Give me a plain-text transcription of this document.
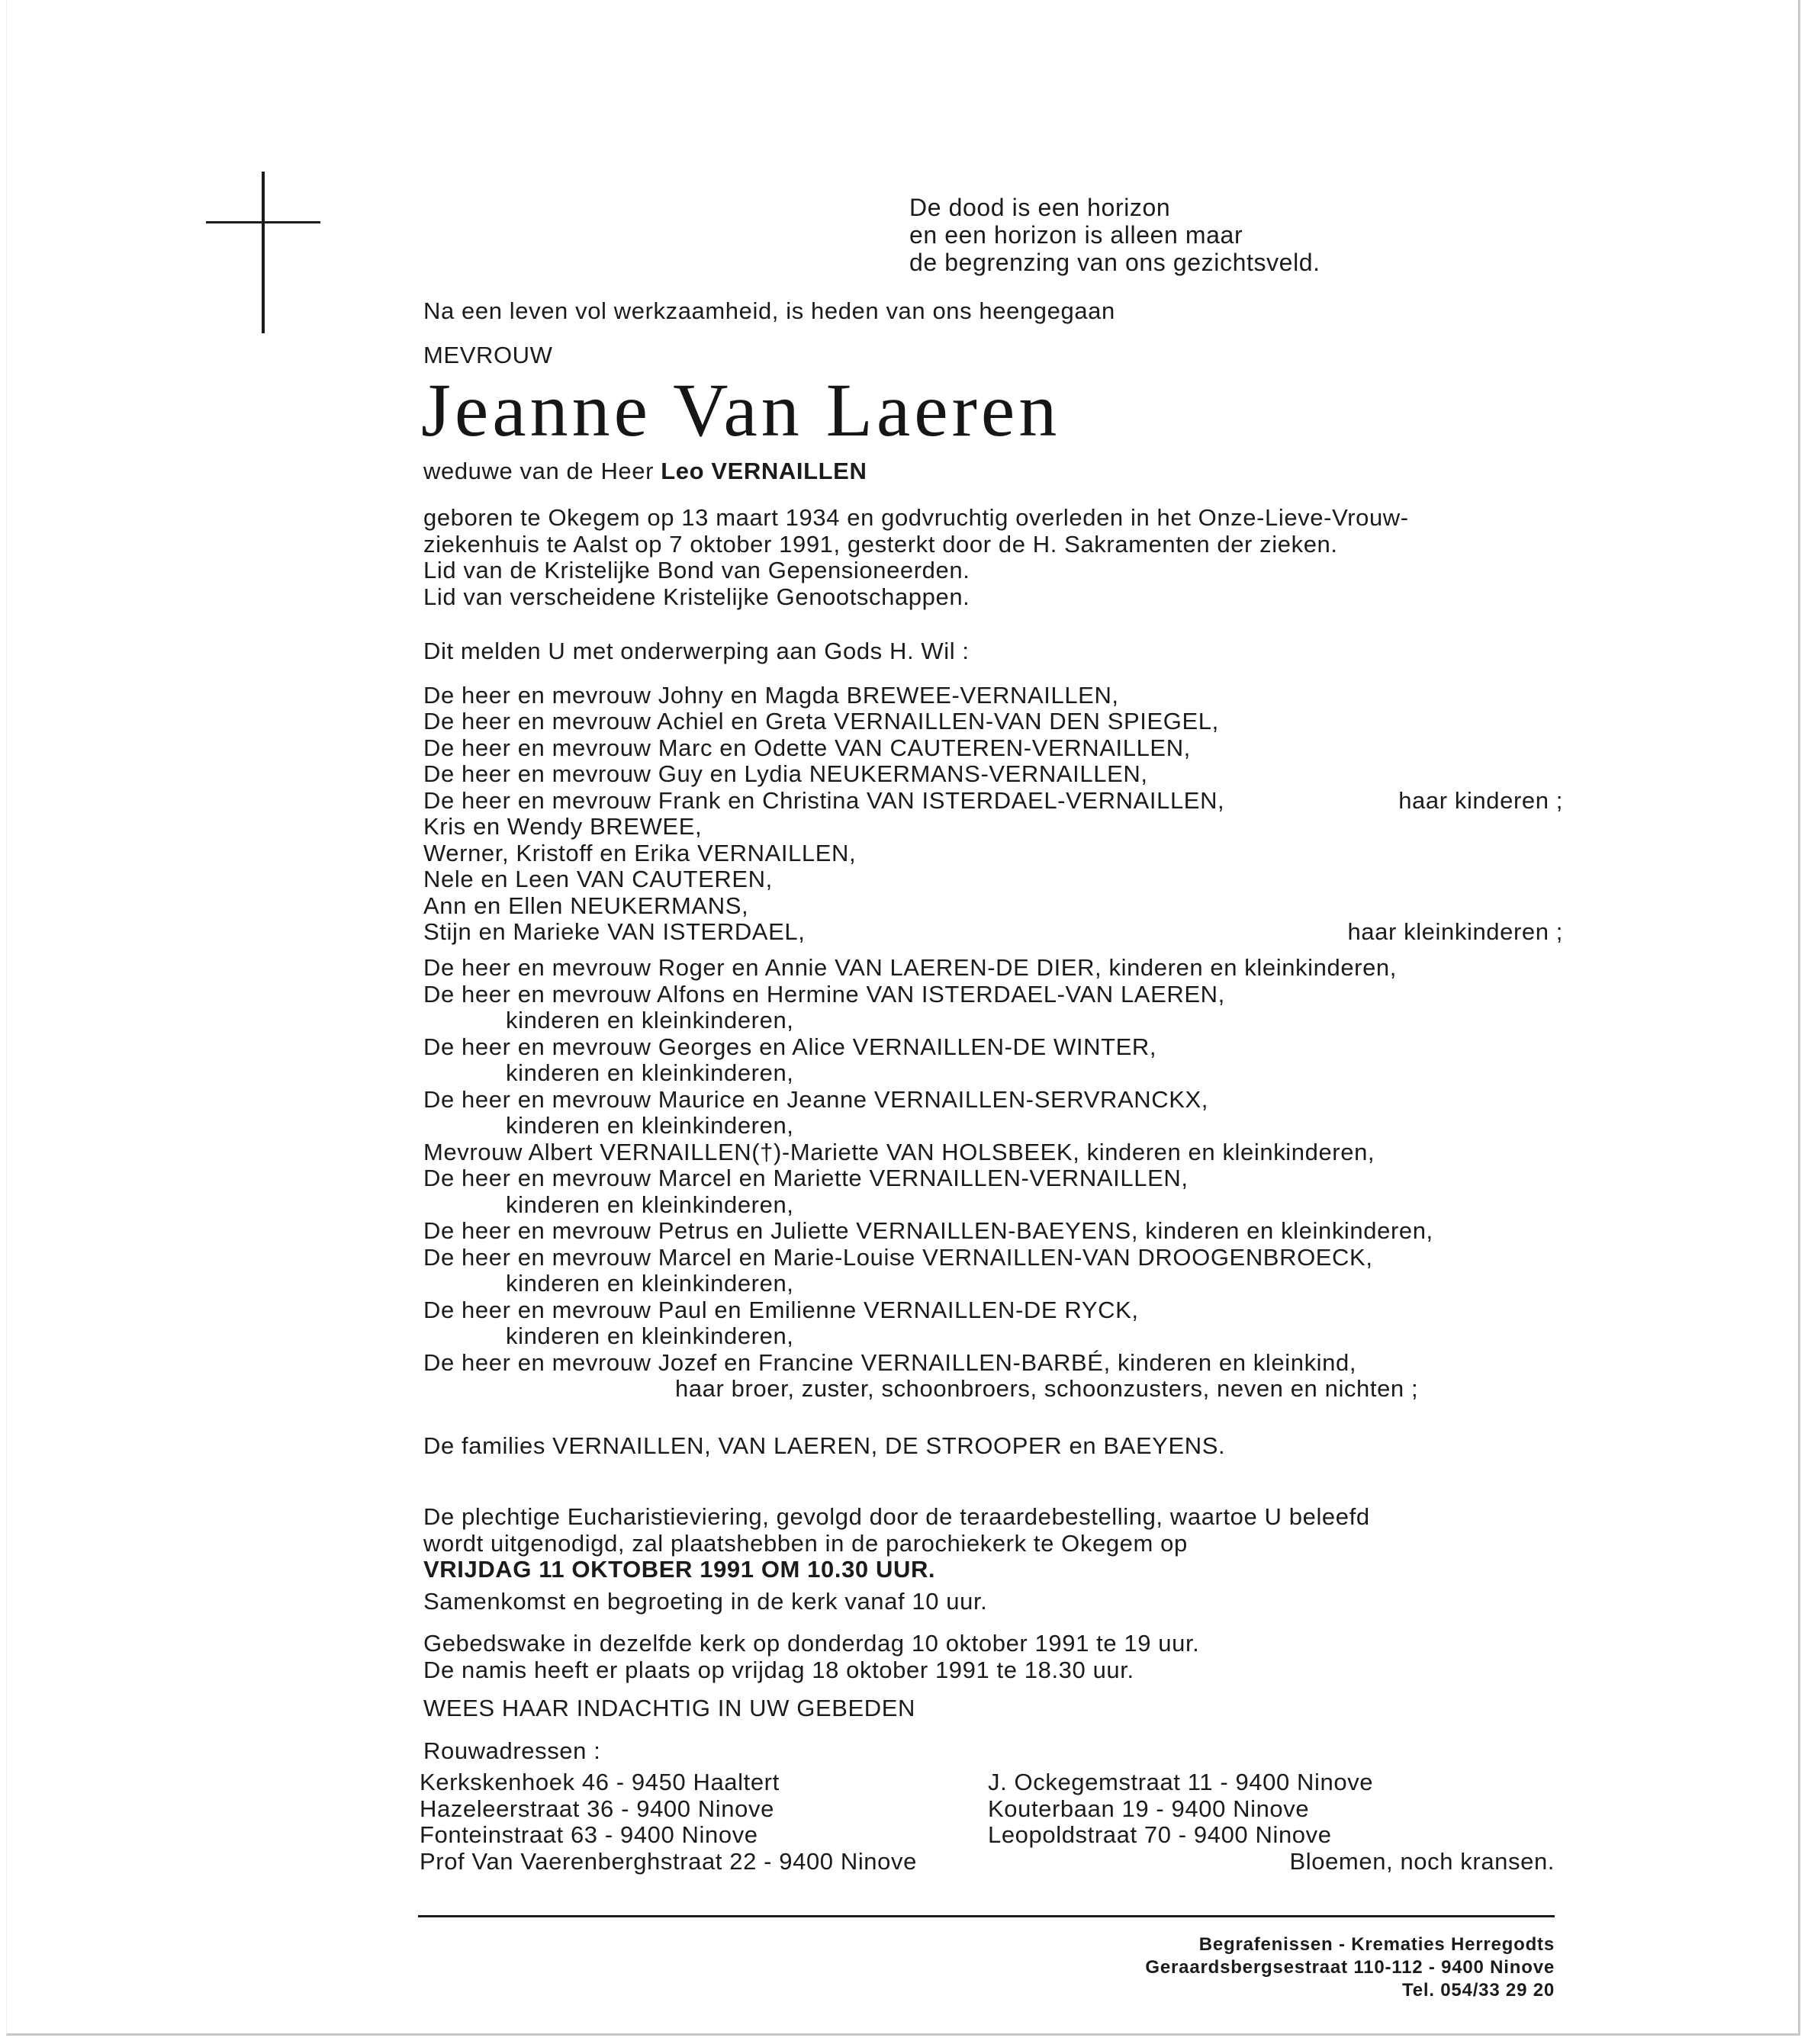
De dood is een horizon
en een horizon is alleen maar
de begrenzing van ons gezichtsveld.

Na een leven vol werkzaamheid, is heden van ons heengegaan

MEVROUW

Jeanne Van Laeren

weduwe van de Heer Leo VERNAILLEN

geboren te Okegem op 13 maart 1934 en godvruchtig overleden in het Onze-Lieve-Vrouw-
ziekenhuis te Aalst op 7 oktober 1991, gesterkt door de H. Sakramenten der zieken.
Lid van de Kristelijke Bond van Gepensioneerden.
Lid van verscheidene Kristelijke Genootschappen.
Dit melden U met onderwerping aan Gods H. Wil :
De heer en mevrouw Johny en Magda BREWEE-VERNAILLEN,
De heer en mevrouw Achiel en Greta VERNAILLEN-VAN DEN SPIEGEL,
De heer en mevrouw Marc en Odette VAN CAUTEREN-VERNAILLEN,
De heer en mevrouw Guy en Lydia NEUKERMANS-VERNAILLEN,
De heer en mevrouw Frank en Christina VAN ISTERDAEL-VERNAILLEN,	haar kinderen ;
Kris en Wendy BREWEE,
Werner, Kristoff en Erika VERNAILLEN,
Nele en Leen VAN CAUTEREN,
Ann en Ellen NEUKERMANS,
Stijn en Marieke VAN ISTERDAEL,	haar kleinkinderen ;
De heer en mevrouw Roger en Annie VAN LAEREN-DE DIER, kinderen en kleinkinderen,
De heer en mevrouw Alfons en Hermine VAN ISTERDAEL-VAN LAEREN,
kinderen en kleinkinderen,
De heer en mevrouw Georges en Alice VERNAILLEN-DE WINTER,
kinderen en kleinkinderen,
De heer en mevrouw Maurice en Jeanne VERNAILLEN-SERVRANCKX,
kinderen en kleinkinderen,
Mevrouw Albert VERNAILLEN(†)-Mariette VAN HOLSBEEK, kinderen en kleinkinderen,
De heer en mevrouw Marcel en Mariette VERNAILLEN-VERNAILLEN,
kinderen en kleinkinderen,
De heer en mevrouw Petrus en Juliette VERNAILLEN-BAEYENS, kinderen en kleinkinderen,
De heer en mevrouw Marcel en Marie-Louise VERNAILLEN-VAN DROOGENBROECK,
kinderen en kleinkinderen,
De heer en mevrouw Paul en Emilienne VERNAILLEN-DE RYCK,
kinderen en kleinkinderen,
De heer en mevrouw Jozef en Francine VERNAILLEN-BARBÉ, kinderen en kleinkind,
haar broer, zuster, schoonbroers, schoonzusters, neven en nichten ;

De families VERNAILLEN, VAN LAEREN, DE STROOPER en BAEYENS.

De plechtige Eucharistieviering, gevolgd door de teraardebestelling, waartoe U beleefd
wordt uitgenodigd, zal plaatshebben in de parochiekerk te Okegem op
VRIJDAG 11 OKTOBER 1991 OM 10.30 UUR.

Samenkomst en begroeting in de kerk vanaf 10 uur.

Gebedswake in dezelfde kerk op donderdag 10 oktober 1991 te 19 uur.
De namis heeft er plaats op vrijdag 18 oktober 1991 te 18.30 uur.

WEES HAAR INDACHTIG IN UW GEBEDEN

Rouwadressen :

Kerkskenhoek 46 - 9450 Haaltert
Hazeleerstraat 36 - 9400 Ninove
Fonteinstraat 63 - 9400 Ninove
Prof Van Vaerenberghstraat 22 - 9400 Ninove
J. Ockegemstraat 11 - 9400 Ninove
Kouterbaan 19 - 9400 Ninove
Leopoldstraat 70 - 9400 Ninove
Bloemen, noch kransen.
Begrafenissen - Krematies Herregodts
Geraardsbergsestraat 110-112 - 9400 Ninove
Tel. 054/33 29 20
